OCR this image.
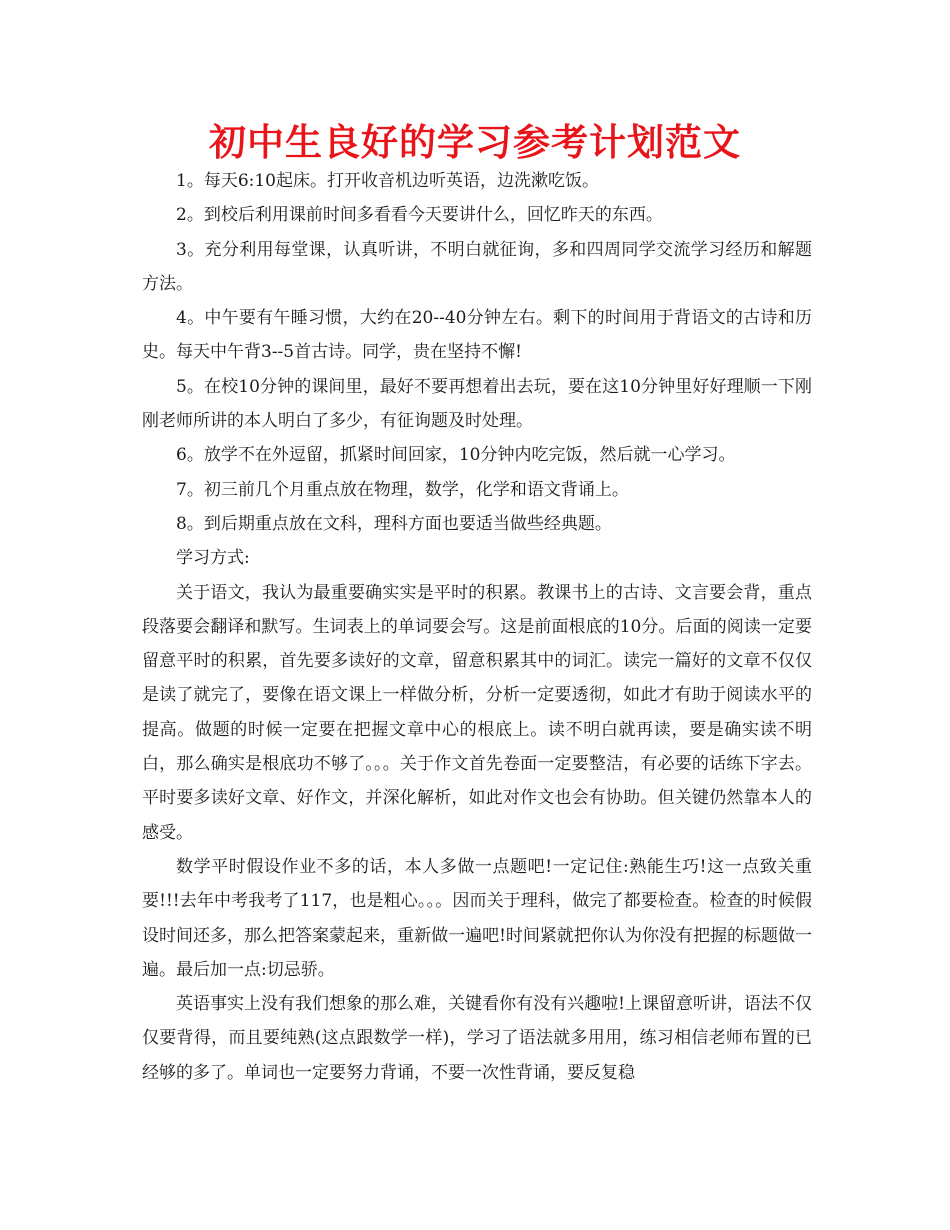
初中生良好的学习参考计划范文

1。每天6:10起床。打开收音机边听英语，边洗漱吃饭。

2。到校后利用课前时间多看看今天要讲什么，回忆昨天的东西。

3。充分利用每堂课，认真听讲，不明白就征询，多和四周同学交流学习经历和解题方法。

4。中午要有午睡习惯，大约在20--40分钟左右。剩下的时间用于背语文的古诗和历史。每天中午背3--5首古诗。同学，贵在坚持不懈!

5。在校10分钟的课间里，最好不要再想着出去玩，要在这10分钟里好好理顺一下刚刚老师所讲的本人明白了多少，有征询题及时处理。

6。放学不在外逗留，抓紧时间回家，10分钟内吃完饭，然后就一心学习。

7。初三前几个月重点放在物理，数学，化学和语文背诵上。

8。到后期重点放在文科，理科方面也要适当做些经典题。

学习方式:

关于语文，我认为最重要确实实是平时的积累。教课书上的古诗、文言要会背，重点段落要会翻译和默写。生词表上的单词要会写。这是前面根底的10分。后面的阅读一定要留意平时的积累，首先要多读好的文章，留意积累其中的词汇。读完一篇好的文章不仅仅是读了就完了，要像在语文课上一样做分析，分析一定要透彻，如此才有助于阅读水平的提高。做题的时候一定要在把握文章中心的根底上。读不明白就再读，要是确实读不明白，那么确实是根底功不够了。。。关于作文首先卷面一定要整洁，有必要的话练下字去。平时要多读好文章、好作文，并深化解析，如此对作文也会有协助。但关键仍然靠本人的感受。

数学平时假设作业不多的话，本人多做一点题吧!一定记住:熟能生巧!这一点致关重要!!!去年中考我考了117，也是粗心。。。因而关于理科，做完了都要检查。检查的时候假设时间还多，那么把答案蒙起来，重新做一遍吧!时间紧就把你认为你没有把握的标题做一遍。最后加一点:切忌骄。

英语事实上没有我们想象的那么难，关键看你有没有兴趣啦!上课留意听讲，语法不仅仅要背得，而且要纯熟(这点跟数学一样)，学习了语法就多用用，练习相信老师布置的已经够的多了。单词也一定要努力背诵，不要一次性背诵，要反复稳
